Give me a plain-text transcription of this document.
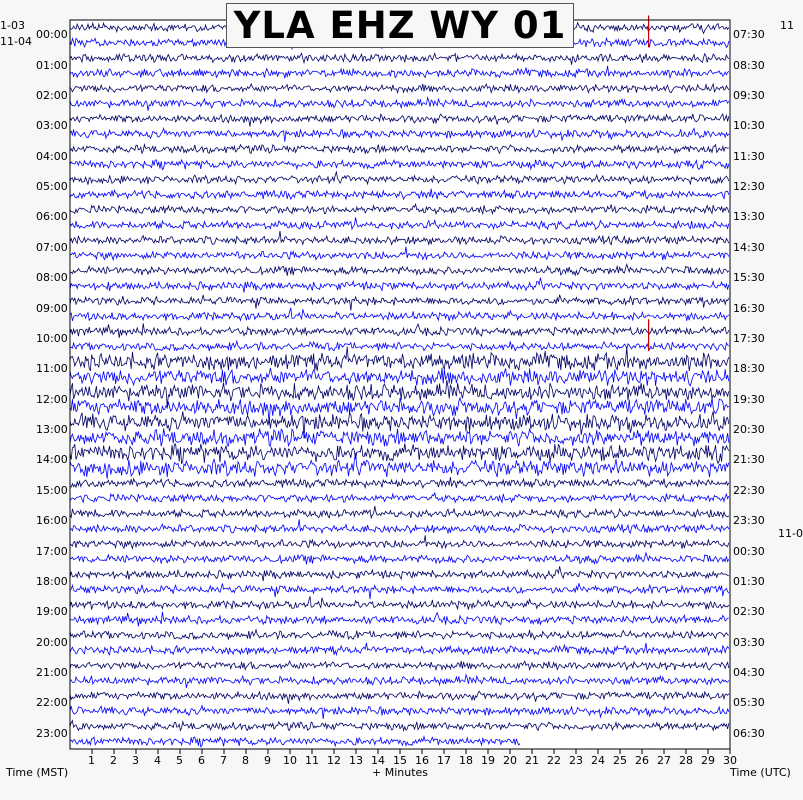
YLA EHZ WY 01
1 2 3 4 5 6 7 8 9 10 11 12 13 14 15 16 17 18 19 20 21 22 23 24 25 26 27 28 29 30
00:00
01:00
02:00
03:00
04:00
05:00
06:00
07:00
08:00
09:00
10:00
11:00
12:00
13:00
14:00
15:00
16:00
17:00
18:00
19:00
20:00
21:00
22:00
23:00
07:30
08:30
09:30
10:30
11:30
12:30
13:30
14:30
15:30
16:30
17:30
18:30
19:30
20:30
21:30
22:30
23:30
00:30
01:30
02:30
03:30
04:30
05:30
06:30
1-03
11-04
11
11-0
Time (MST)	+ Minutes	Time (UTC)
